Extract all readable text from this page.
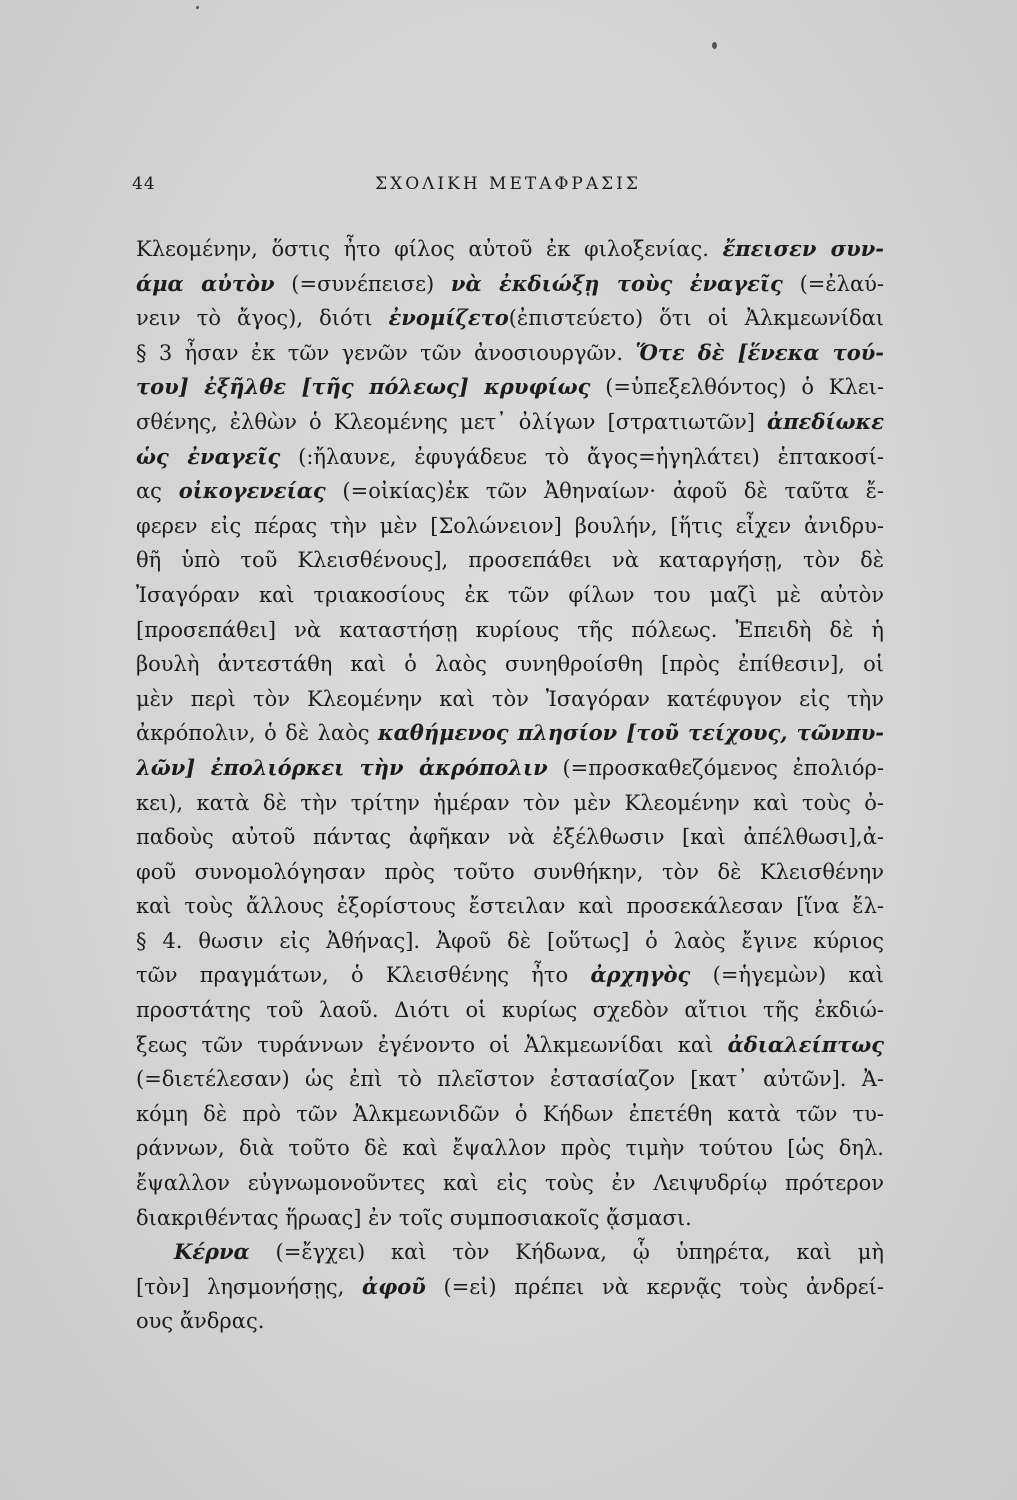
44	ΣΧΟΛΙΚΗ ΜΕΤΑΦΡΑΣΙΣ
Κλεομένην, ὅστις ἦτο φίλος αὐτοῦ ἐκ φιλοξενίας. ἔπεισεν συν-
άμα αὐτὸν (=συνέπεισε) νὰ ἐκδιώξῃ τοὺς ἐναγεῖς (=ἐλαύ-
νειν τὸ ἄγος), διότι ἐνομίζετο(ἐπιστεύετο) ὅτι οἱ Ἀλκμεωνίδαι
§ 3 ἦσαν ἐκ τῶν γενῶν τῶν ἀνοσιουργῶν. Ὅτε δὲ [ἕνεκα τού-
του] ἐξῆλθε [τῆς πόλεως] κρυφίως (=ὑπεξελθόντος) ὁ Κλει-
σθένης, ἐλθὼν ὁ Κλεομένης μετ᾽ ὀλίγων [στρατιωτῶν] ἀπεδίωκε
ὡς ἐναγεῖς (:ἤλαυνε, ἐφυγάδευε τὸ ἄγος=ἠγηλάτει) ἑπτακοσί-
ας οἰκογενείας (=οἰκίας)ἐκ τῶν Ἀθηναίων· ἀφοῦ δὲ ταῦτα ἔ-
φερεν εἰς πέρας τὴν μὲν [Σολώνειον] βουλήν, [ἥτις εἶχεν ἀνιδρυ-
θῆ ὑπὸ τοῦ Κλεισθένους], προσεπάθει νὰ καταργήσῃ, τὸν δὲ
Ἰσαγόραν καὶ τριακοσίους ἐκ τῶν φίλων του μαζὶ μὲ αὐτὸν
[προσεπάθει] νὰ καταστήσῃ κυρίους τῆς πόλεως. Ἐπειδὴ δὲ ἡ
βουλὴ ἀντεστάθη καὶ ὁ λαὸς συνηθροίσθη [πρὸς ἐπίθεσιν], οἱ
μὲν περὶ τὸν Κλεομένην καὶ τὸν Ἰσαγόραν κατέφυγον εἰς τὴν
ἀκρόπολιν, ὁ δὲ λαὸς καθήμενος πλησίον [τοῦ τείχους, τῶνπυ-
λῶν] ἐπολιόρκει τὴν ἀκρόπολιν (=προσκαθεζόμενος ἐπολιόρ-
κει), κατὰ δὲ τὴν τρίτην ἡμέραν τὸν μὲν Κλεομένην καὶ τοὺς ὀ-
παδοὺς αὐτοῦ πάντας ἀφῆκαν νὰ ἐξέλθωσιν [καὶ ἀπέλθωσι],ἀ-
φοῦ συνομολόγησαν πρὸς τοῦτο συνθήκην, τὸν δὲ Κλεισθένην
καὶ τοὺς ἄλλους ἐξορίστους ἔστειλαν καὶ προσεκάλεσαν [ἵνα ἔλ-
§ 4. θωσιν εἰς Ἀθήνας]. Ἀφοῦ δὲ [οὕτως] ὁ λαὸς ἔγινε κύριος
τῶν πραγμάτων, ὁ Κλεισθένης ἦτο ἀρχηγὸς (=ἡγεμὼν) καὶ
προστάτης τοῦ λαοῦ. Διότι οἱ κυρίως σχεδὸν αἴτιοι τῆς ἐκδιώ-
ξεως τῶν τυράννων ἐγένοντο οἱ Ἀλκμεωνίδαι καὶ ἀδιαλείπτως
(=διετέλεσαν) ὡς ἐπὶ τὸ πλεῖστον ἐστασίαζον [κατ᾽ αὐτῶν]. Ἀ-
κόμη δὲ πρὸ τῶν Ἀλκμεωνιδῶν ὁ Κήδων ἐπετέθη κατὰ τῶν τυ-
ράννων, διὰ τοῦτο δὲ καὶ ἔψαλλον πρὸς τιμὴν τούτου [ὡς δηλ.
ἔψαλλον εὐγνωμονοῦντες καὶ εἰς τοὺς ἐν Λειψυδρίῳ πρότερον
διακριθέντας ἥρωας] ἐν τοῖς συμποσιακοῖς ᾄσμασι.
Κέρνα (=ἔγχει) καὶ τὸν Κήδωνα, ᾧ ὑπηρέτα, καὶ μὴ
[τὸν] λησμονήσῃς, ἀφοῦ (=εἰ) πρέπει νὰ κερνᾷς τοὺς ἀνδρεί-
ους ἄνδρας.
